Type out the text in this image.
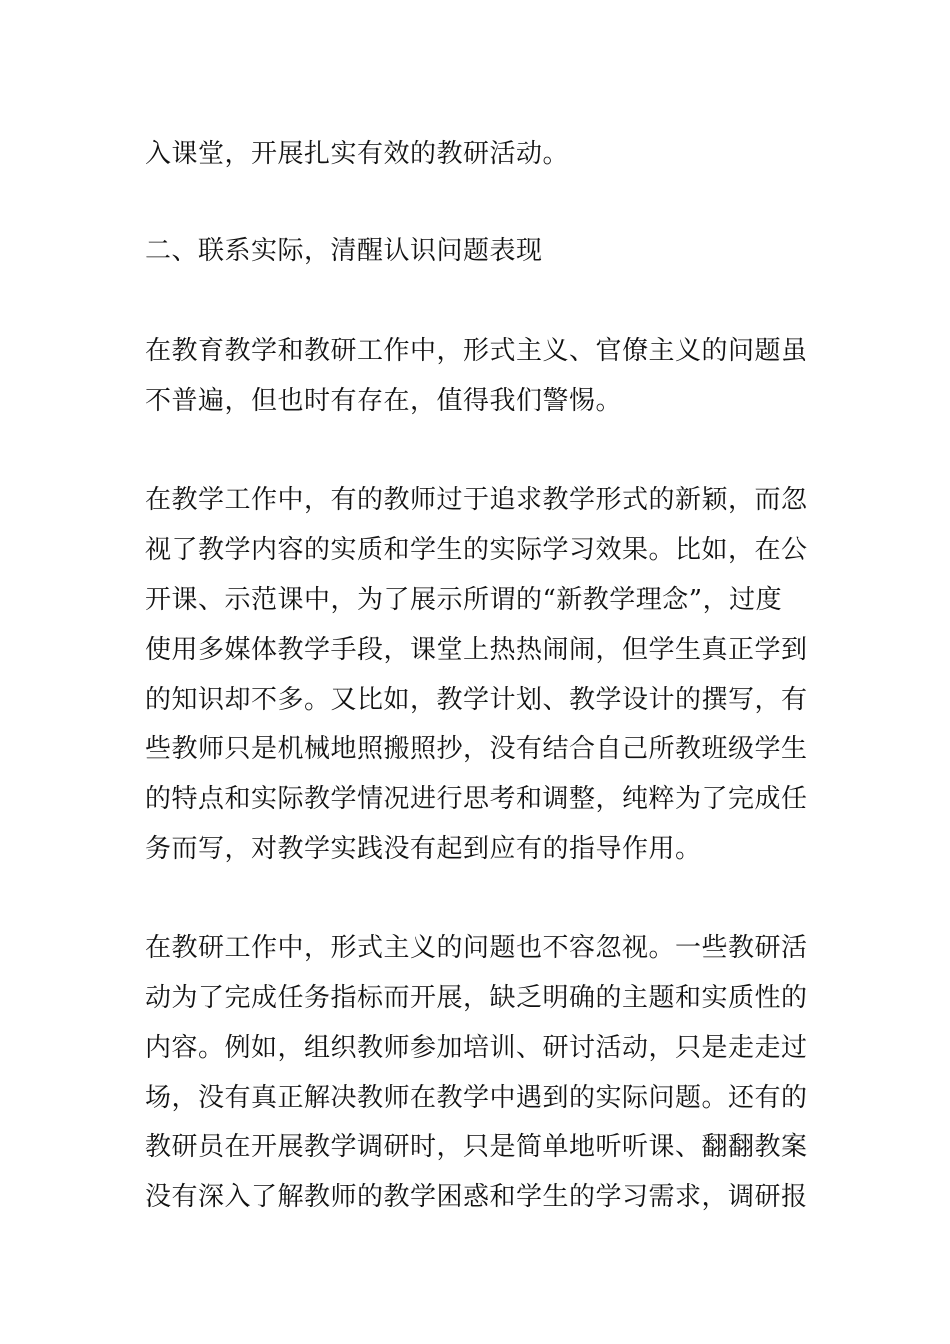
入课堂，开展扎实有效的教研活动。
二、联系实际，清醒认识问题表现
在教育教学和教研工作中，形式主义、官僚主义的问题虽
不普遍，但也时有存在，值得我们警惕。
在教学工作中，有的教师过于追求教学形式的新颖，而忽
视了教学内容的实质和学生的实际学习效果。比如，在公
开课、示范课中，为了展示所谓的“新教学理念”，过度
使用多媒体教学手段，课堂上热热闹闹，但学生真正学到
的知识却不多。又比如，教学计划、教学设计的撰写，有
些教师只是机械地照搬照抄，没有结合自己所教班级学生
的特点和实际教学情况进行思考和调整，纯粹为了完成任
务而写，对教学实践没有起到应有的指导作用。
在教研工作中，形式主义的问题也不容忽视。一些教研活
动为了完成任务指标而开展，缺乏明确的主题和实质性的
内容。例如，组织教师参加培训、研讨活动，只是走走过
场，没有真正解决教师在教学中遇到的实际问题。还有的
教研员在开展教学调研时，只是简单地听听课、翻翻教案
没有深入了解教师的教学困惑和学生的学习需求，调研报
